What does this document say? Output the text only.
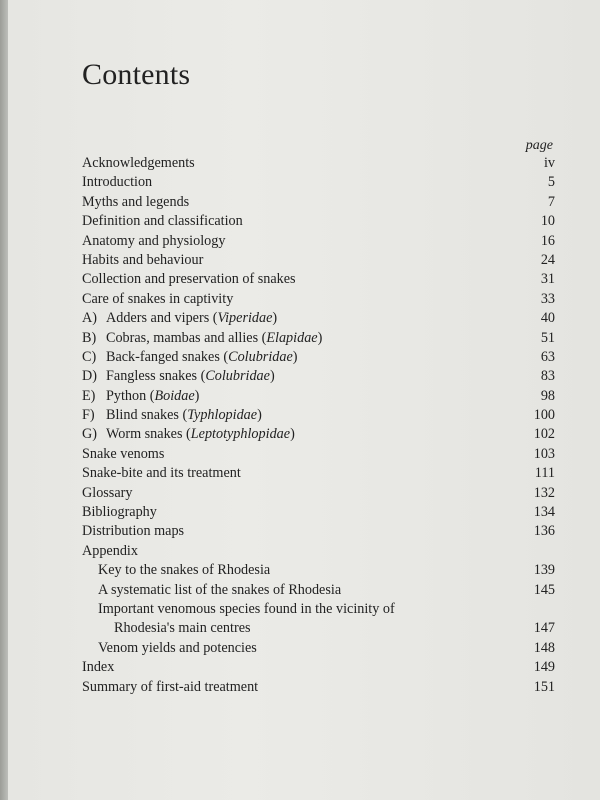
Contents
page
Acknowledgements	iv
Introduction	5
Myths and legends	7
Definition and classification	10
Anatomy and physiology	16
Habits and behaviour	24
Collection and preservation of snakes	31
Care of snakes in captivity	33
A) Adders and vipers (Viperidae)	40
B) Cobras, mambas and allies (Elapidae)	51
C) Back-fanged snakes (Colubridae)	63
D) Fangless snakes (Colubridae)	83
E) Python (Boidae)	98
F) Blind snakes (Typhlopidae)	100
G) Worm snakes (Leptotyphlopidae)	102
Snake venoms	103
Snake-bite and its treatment	111
Glossary	132
Bibliography	134
Distribution maps	136
Appendix
Key to the snakes of Rhodesia	139
A systematic list of the snakes of Rhodesia	145
Important venomous species found in the vicinity of
Rhodesia's main centres	147
Venom yields and potencies	148
Index	149
Summary of first-aid treatment	151
